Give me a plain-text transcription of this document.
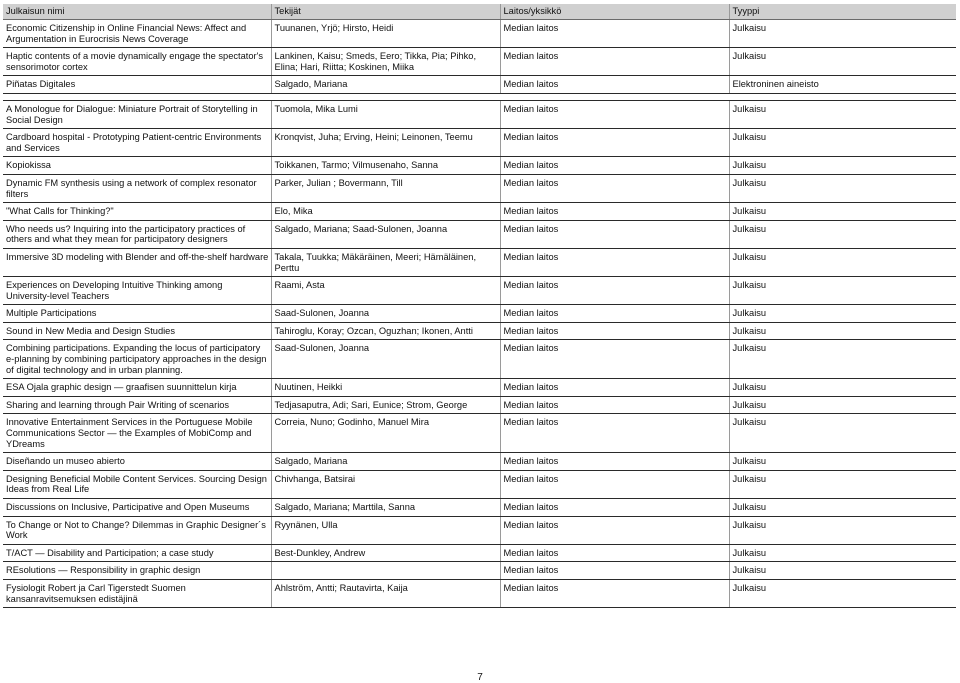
Julkaisun nimi	Tekijät	Laitos/yksikkö	Tyyppi
Economic Citizenship in Online Financial News: Affect and Argumentation in Eurocrisis News Coverage	Tuunanen, Yrjö; Hirsto, Heidi	Median laitos	Julkaisu
Haptic contents of a movie dynamically engage the spectator's sensorimotor cortex	Lankinen, Kaisu; Smeds, Eero; Tikka, Pia; Pihko, Elina; Hari, Riitta; Koskinen, Miika	Median laitos	Julkaisu
Piñatas Digitales	Salgado, Mariana	Median laitos	Elektroninen aineisto

A Monologue for Dialogue: Miniature Portrait of Storytelling in Social Design	Tuomola, Mika Lumi	Median laitos	Julkaisu
Cardboard hospital - Prototyping Patient-centric Environments and Services	Kronqvist, Juha; Erving, Heini; Leinonen, Teemu	Median laitos	Julkaisu
Kopiokissa	Toikkanen, Tarmo; Vilmusenaho, Sanna	Median laitos	Julkaisu
Dynamic FM synthesis using a network of complex resonator filters	Parker, Julian ; Bovermann, Till	Median laitos	Julkaisu
"What Calls for Thinking?"	Elo, Mika	Median laitos	Julkaisu
Who needs us? Inquiring into the participatory practices of others and what they mean for participatory designers	Salgado, Mariana; Saad-Sulonen, Joanna	Median laitos	Julkaisu
Immersive 3D modeling with Blender and off-the-shelf hardware	Takala, Tuukka; Mäkäräinen, Meeri; Hämäläinen, Perttu	Median laitos	Julkaisu
Experiences on Developing Intuitive Thinking among University-level Teachers	Raami, Asta	Median laitos	Julkaisu
Multiple Participations	Saad-Sulonen, Joanna	Median laitos	Julkaisu
Sound in New Media and Design Studies	Tahiroglu, Koray; Ozcan, Oguzhan; Ikonen, Antti	Median laitos	Julkaisu
Combining participations. Expanding the locus of participatory e-planning by combining participatory approaches in the design of digital technology and in urban planning.	Saad-Sulonen, Joanna	Median laitos	Julkaisu
ESA Ojala graphic design — graafisen suunnittelun kirja	Nuutinen, Heikki	Median laitos	Julkaisu
Sharing and learning through Pair Writing of scenarios	Tedjasaputra, Adi; Sari, Eunice; Strom, George	Median laitos	Julkaisu
Innovative Entertainment Services in the Portuguese Mobile Communications Sector — the Examples of MobiComp and YDreams	Correia, Nuno; Godinho, Manuel Mira	Median laitos	Julkaisu
Diseñando un museo abierto	Salgado, Mariana	Median laitos	Julkaisu
Designing Beneficial Mobile Content Services. Sourcing Design Ideas from Real Life	Chivhanga, Batsirai	Median laitos	Julkaisu
Discussions on Inclusive, Participative and Open Museums	Salgado, Mariana; Marttila, Sanna	Median laitos	Julkaisu
To Change or Not to Change? Dilemmas in Graphic Designer´s Work	Ryynänen, Ulla	Median laitos	Julkaisu
T/ACT — Disability and Participation; a case study	Best-Dunkley, Andrew	Median laitos	Julkaisu
REsolutions — Responsibility in graphic design		Median laitos	Julkaisu
Fysiologit Robert ja Carl Tigerstedt Suomen kansanravitsemuksen edistäjinä	Ahlström, Antti; Rautavirta, Kaija	Median laitos	Julkaisu
7
